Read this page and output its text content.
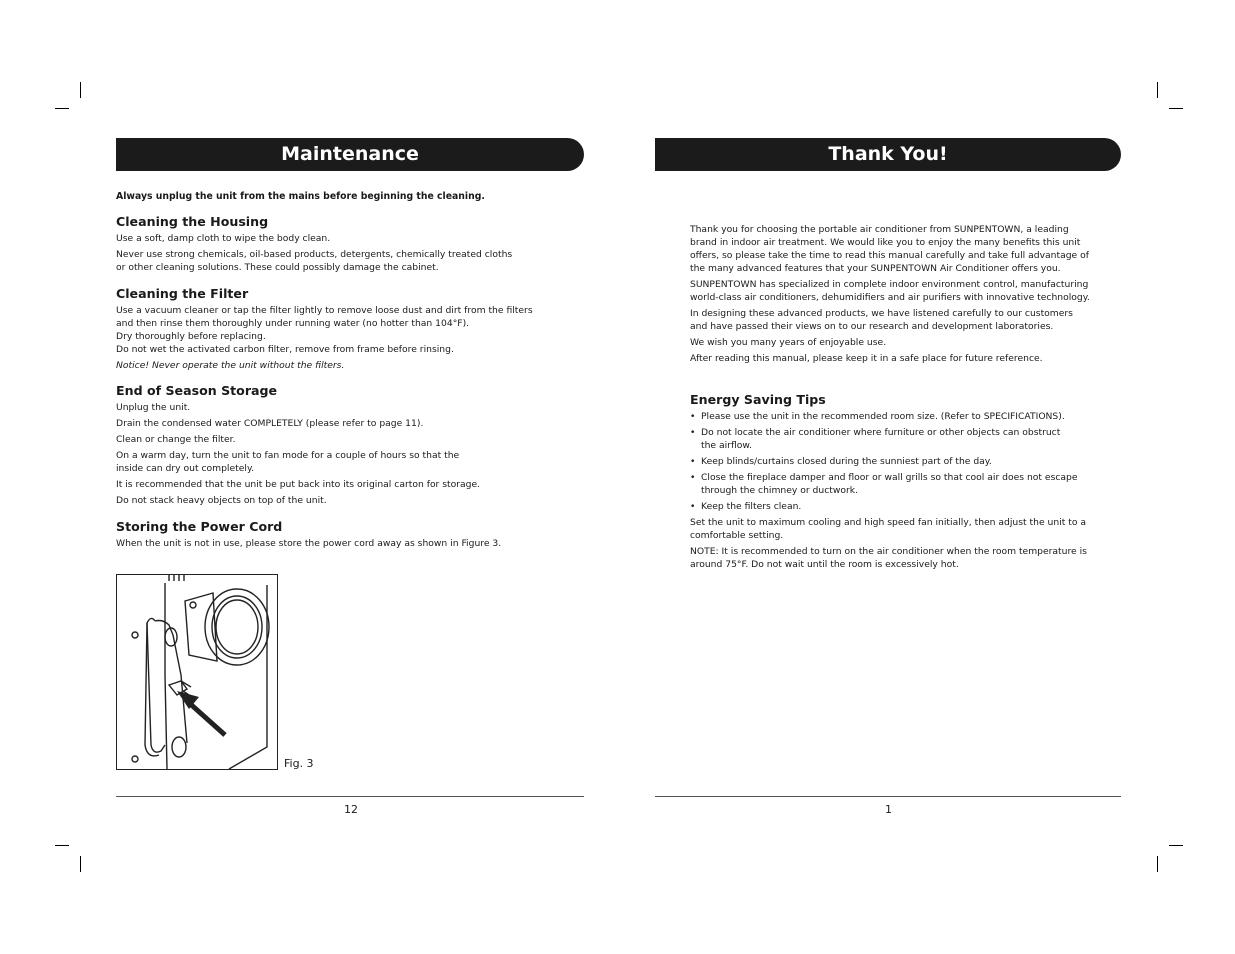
Maintenance

Always unplug the unit from the mains before beginning the cleaning.

Cleaning the Housing

Use a soft, damp cloth to wipe the body clean.

Never use strong chemicals, oil-based products, detergents, chemically treated cloths or other cleaning solutions. These could possibly damage the cabinet.

Cleaning the Filter

Use a vacuum cleaner or tap the filter lightly to remove loose dust and dirt from the filters and then rinse them thoroughly under running water (no hotter than 104°F).

Dry thoroughly before replacing.

Do not wet the activated carbon filter, remove from frame before rinsing.

Notice! Never operate the unit without the filters.

End of Season Storage

Unplug the unit.

Drain the condensed water COMPLETELY (please refer to page 11).

Clean or change the filter.

On a warm day, turn the unit to fan mode for a couple of hours so that the inside can dry out completely.

It is recommended that the unit be put back into its original carton for storage.

Do not stack heavy objects on top of the unit.

Storing the Power Cord

When the unit is not in use, please store the power cord away as shown in Figure 3.

Fig. 3
12
Thank You!

Thank you for choosing the portable air conditioner from SUNPENTOWN, a leading brand in indoor air treatment. We would like you to enjoy the many benefits this unit offers, so please take the time to read this manual carefully and take full advantage of the many advanced features that your SUNPENTOWN Air Conditioner offers you.

SUNPENTOWN has specialized in complete indoor environment control, manufacturing world-class air conditioners, dehumidifiers and air purifiers with innovative technology.

In designing these advanced products, we have listened carefully to our customers and have passed their views on to our research and development laboratories.

We wish you many years of enjoyable use.

After reading this manual, please keep it in a safe place for future reference.

Energy Saving Tips
• Please use the unit in the recommended room size. (Refer to SPECIFICATIONS).
• Do not locate the air conditioner where furniture or other objects can obstruct the airflow.
• Keep blinds/curtains closed during the sunniest part of the day.
• Close the fireplace damper and floor or wall grills so that cool air does not escape through the chimney or ductwork.
• Keep the filters clean.

Set the unit to maximum cooling and high speed fan initially, then adjust the unit to a comfortable setting.

NOTE: It is recommended to turn on the air conditioner when the room temperature is around 75°F. Do not wait until the room is excessively hot.

1
